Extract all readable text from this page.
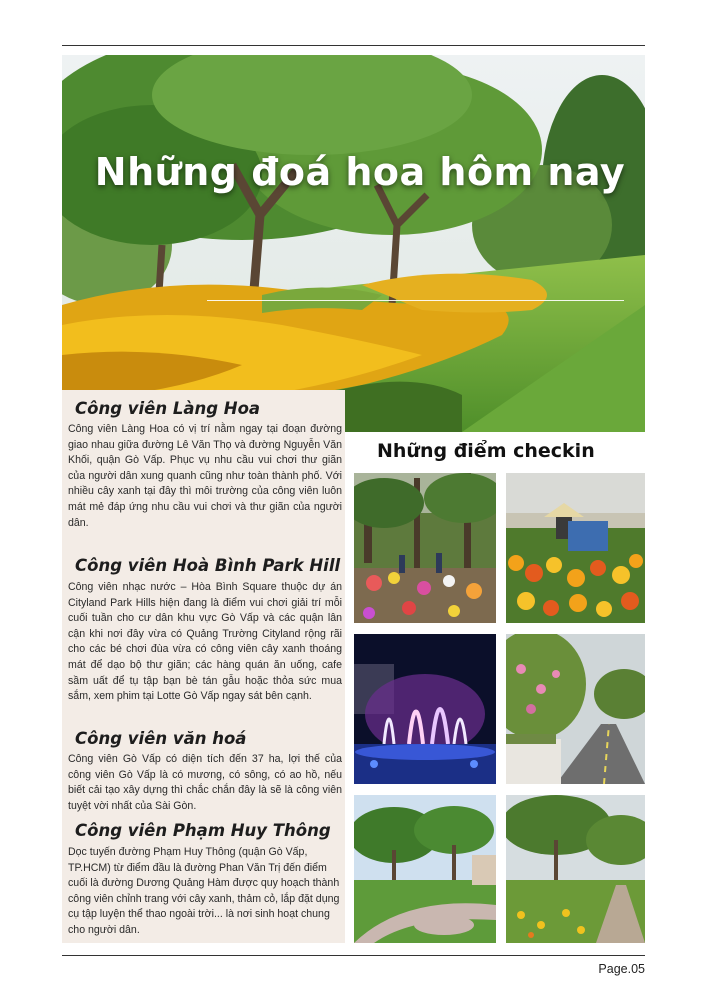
Những đoá hoa hôm nay
Công viên Làng Hoa

Công viên Làng Hoa có vị trí nằm ngay tại đoạn đường giao nhau giữa đường Lê Văn Thọ và đường Nguyễn Văn Khối, quận Gò Vấp. Phục vụ nhu cầu vui chơi thư giãn của người dân xung quanh cũng như toàn thành phố. Với nhiều cây xanh tại đây thì môi trường của công viên luôn mát mẻ đáp ứng nhu cầu vui chơi và thư giãn của người dân.

Công viên Hoà Bình Park Hill

Công viên nhạc nước – Hòa Bình Square thuộc dự án Cityland Park Hills hiện đang là điểm vui chơi giải trí mỗi cuối tuần cho cư dân khu vực Gò Vấp và các quận lân cận khi nơi đây vừa có Quảng Trường Cityland rộng rãi cho các bé chơi đùa vừa có công viên cây xanh thoáng mát để dạo bộ thư giãn; các hàng quán ăn uống, cafe sầm uất để tụ tập bạn bè tán gẫu hoặc thỏa sức mua sắm, xem phim tại Lotte Gò Vấp ngay sát bên cạnh.

Công viên văn hoá

Công viên Gò Vấp có diện tích đến 37 ha, lợi thế của công viên Gò Vấp là có mương, có sông, có ao hồ, nếu biết cải tạo xây dựng thì chắc chắn đây là sẽ là công viên tuyệt vời nhất của Sài Gòn.

Công viên Phạm Huy Thông

Dọc tuyến đường Phạm Huy Thông (quận Gò Vấp, TP.HCM) từ điểm đầu là đường Phan Văn Trị đến điểm cuối là đường Dương Quảng Hàm được quy hoạch thành công viên chỉnh trang với cây xanh, thảm cỏ, lắp đặt dụng cụ tập luyện thể thao ngoài trời... là nơi sinh hoạt chung cho người dân.

Những điểm checkin
Page.05
